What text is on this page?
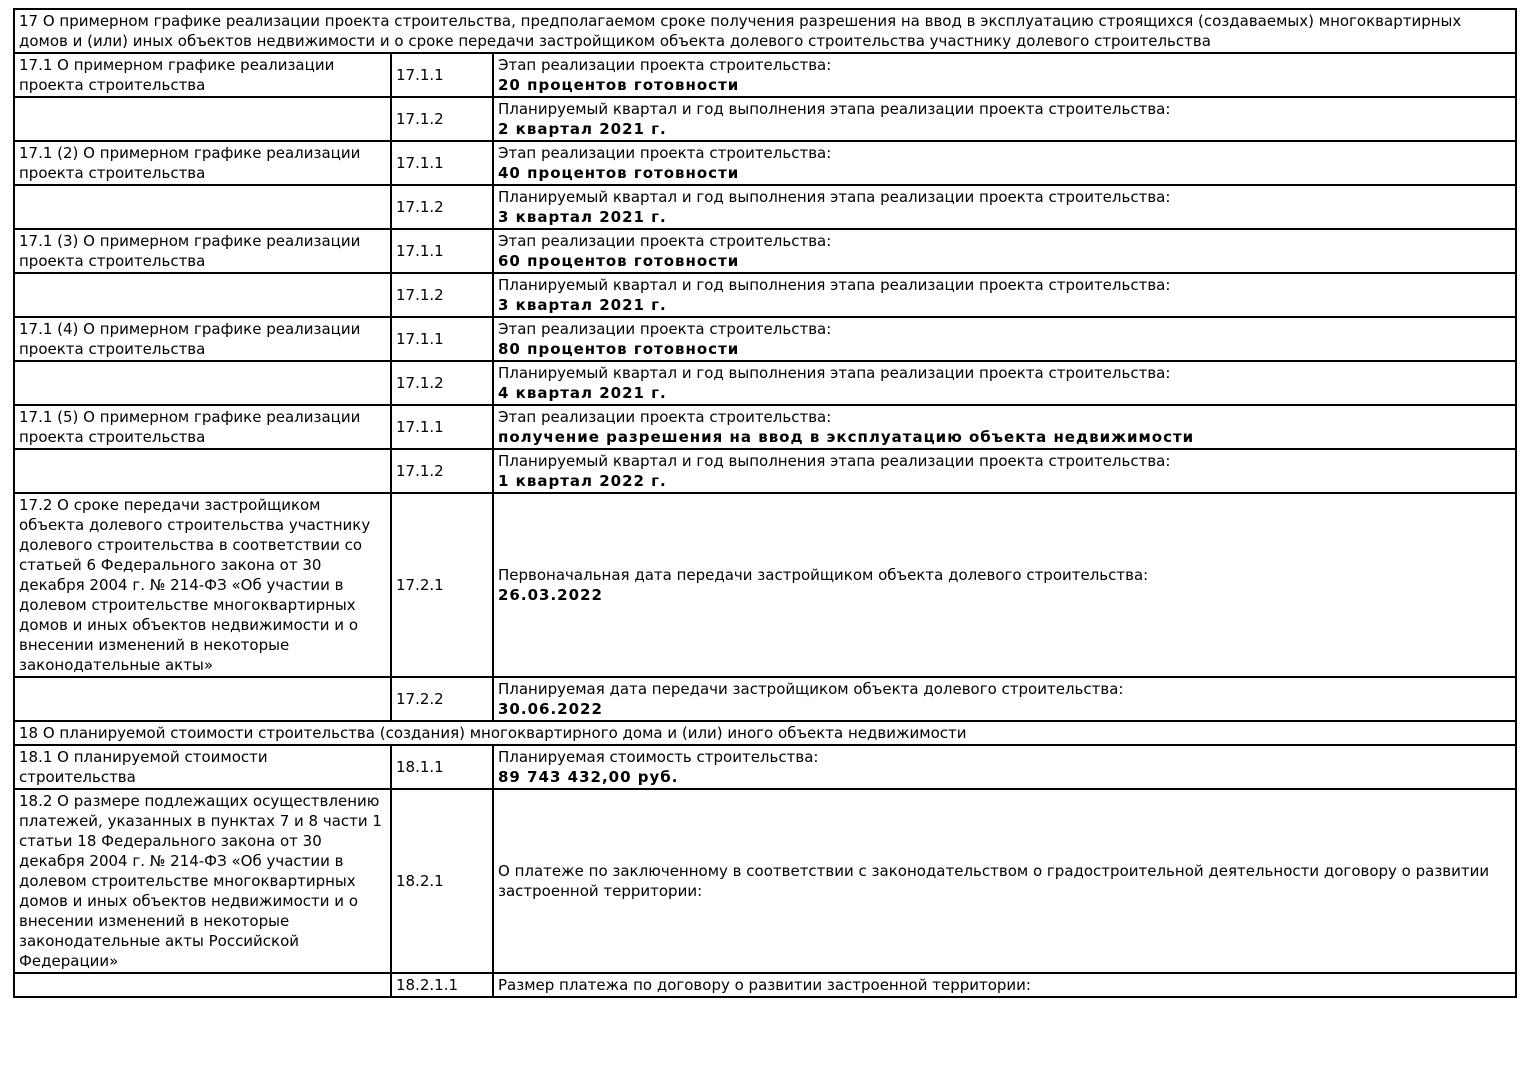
17 О примерном графике реализации проекта строительства, предполагаемом сроке получения разрешения на ввод в эксплуатацию строящихся (создаваемых) многоквартирных домов и (или) иных объектов недвижимости и о сроке передачи застройщиком объекта долевого строительства участнику долевого строительства		
17.1 О примерном графике реализации проекта строительства	17.1.1	Этап реализации проекта строительства:
20 процентов готовности

	17.1.2	Планируемый квартал и год выполнения этапа реализации проекта строительства:
2 квартал 2021 г.

17.1 (2) О примерном графике реализации проекта строительства	17.1.1	Этап реализации проекта строительства:
40 процентов готовности

	17.1.2	Планируемый квартал и год выполнения этапа реализации проекта строительства:
3 квартал 2021 г.

17.1 (3) О примерном графике реализации проекта строительства	17.1.1	Этап реализации проекта строительства:
60 процентов готовности

	17.1.2	Планируемый квартал и год выполнения этапа реализации проекта строительства:
3 квартал 2021 г.

17.1 (4) О примерном графике реализации проекта строительства	17.1.1	Этап реализации проекта строительства:
80 процентов готовности

	17.1.2	Планируемый квартал и год выполнения этапа реализации проекта строительства:
4 квартал 2021 г.

17.1 (5) О примерном графике реализации проекта строительства	17.1.1	Этап реализации проекта строительства:
получение разрешения на ввод в эксплуатацию объекта недвижимости

	17.1.2	Планируемый квартал и год выполнения этапа реализации проекта строительства:
1 квартал 2022 г.

17.2 О сроке передачи застройщиком объекта долевого строительства участнику долевого строительства в соответствии со статьей 6 Федерального закона от 30 декабря 2004 г. № 214-ФЗ «Об участии в долевом строительстве многоквартирных домов и иных объектов недвижимости и о внесении изменений в некоторые законодательные акты»	17.2.1	Первоначальная дата передачи застройщиком объекта долевого строительства:
26.03.2022

	17.2.2	Планируемая дата передачи застройщиком объекта долевого строительства:
30.06.2022

18 О планируемой стоимости строительства (создания) многоквартирного дома и (или) иного объекта недвижимости		
18.1 О планируемой стоимости строительства	18.1.1	Планируемая стоимость строительства:
89 743 432,00 руб.

18.2 О размере подлежащих осуществлению платежей, указанных в пунктах 7 и 8 части 1 статьи 18 Федерального закона от 30 декабря 2004 г. № 214-ФЗ «Об участии в долевом строительстве многоквартирных домов и иных объектов недвижимости и о внесении изменений в некоторые законодательные акты Российской Федерации»	18.2.1	О платеже по заключенному в соответствии с законодательством о градостроительной деятельности договору о развитии застроенной территории:

	18.2.1.1	Размер платежа по договору о развитии застроенной территории:
